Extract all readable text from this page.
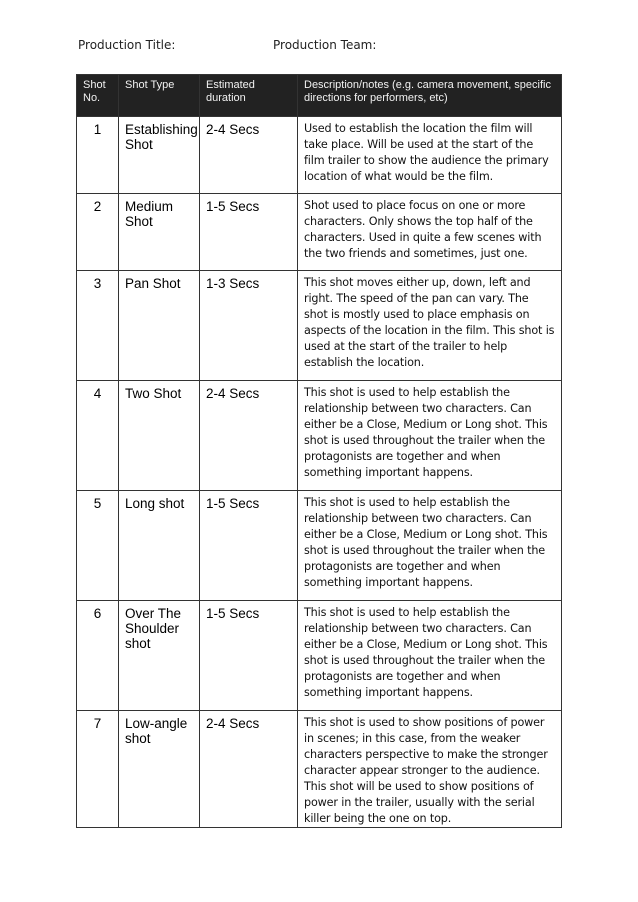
Production Title:	Production Team:
Shot No.	Shot Type	Estimated duration	Description/notes (e.g. camera movement, specific directions for performers, etc)
1	Establishing Shot	2-4 Secs	Used to establish the location the film will take place. Will be used at the start of the film trailer to show the audience the primary location of what would be the film.
2	Medium Shot	1-5 Secs	Shot used to place focus on one or more characters. Only shows the top half of the characters. Used in quite a few scenes with the two friends and sometimes, just one.
3	Pan Shot	1-3 Secs	This shot moves either up, down, left and right. The speed of the pan can vary. The shot is mostly used to place emphasis on aspects of the location in the film. This shot is used at the start of the trailer to help establish the location.
4	Two Shot	2-4 Secs	This shot is used to help establish the relationship between two characters. Can either be a Close, Medium or Long shot. This shot is used throughout the trailer when the protagonists are together and when something important happens.
5	Long shot	1-5 Secs	This shot is used to help establish the relationship between two characters. Can either be a Close, Medium or Long shot. This shot is used throughout the trailer when the protagonists are together and when something important happens.
6	Over The Shoulder shot	1-5 Secs	This shot is used to help establish the relationship between two characters. Can either be a Close, Medium or Long shot. This shot is used throughout the trailer when the protagonists are together and when something important happens.
7	Low-angle shot	2-4 Secs	This shot is used to show positions of power in scenes; in this case, from the weaker characters perspective to make the stronger character appear stronger to the audience. This shot will be used to show positions of power in the trailer, usually with the serial killer being the one on top.
